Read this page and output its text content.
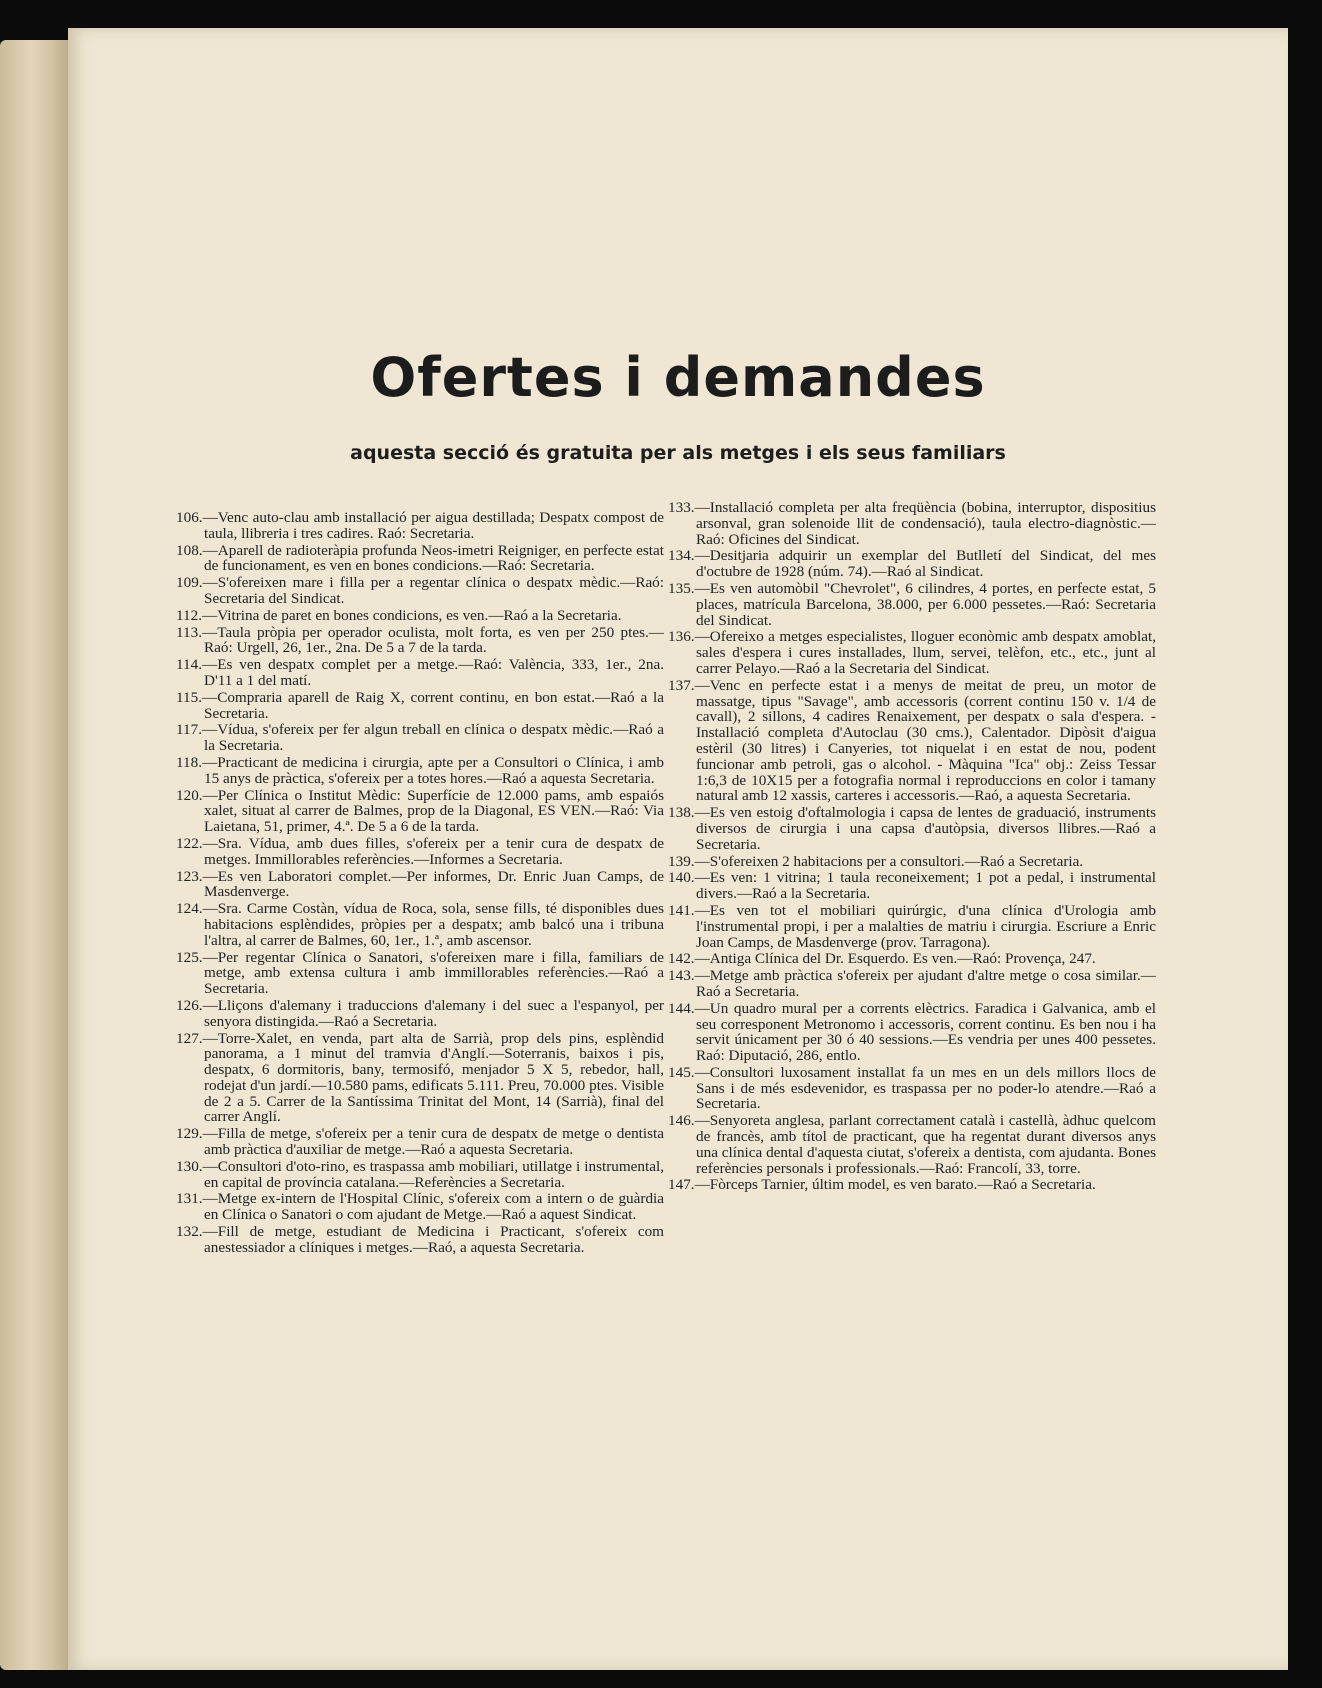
Ofertes i demandes

aquesta secció és gratuita per als metges i els seus familiars

106.—Venc auto-clau amb installació per aigua destillada; Despatx compost de taula, llibreria i tres cadires. Raó: Secretaria.

108.—Aparell de radioteràpia profunda Neos-imetri Reigniger, en perfecte estat de funcionament, es ven en bones condicions.—Raó: Secretaria.

109.—S'ofereixen mare i filla per a regentar clínica o despatx mèdic.—Raó: Secretaria del Sindicat.

112.—Vitrina de paret en bones condicions, es ven.—Raó a la Secretaria.

113.—Taula pròpia per operador oculista, molt forta, es ven per 250 ptes.—Raó: Urgell, 26, 1er., 2na. De 5 a 7 de la tarda.

114.—Es ven despatx complet per a metge.—Raó: València, 333, 1er., 2na. D'11 a 1 del matí.

115.—Compraria aparell de Raig X, corrent continu, en bon estat.—Raó a la Secretaria.

117.—Vídua, s'ofereix per fer algun treball en clínica o despatx mèdic.—Raó a la Secretaria.

118.—Practicant de medicina i cirurgia, apte per a Consultori o Clínica, i amb 15 anys de pràctica, s'ofereix per a totes hores.—Raó a aquesta Secretaria.

120.—Per Clínica o Institut Mèdic: Superfície de 12.000 pams, amb espaiós xalet, situat al carrer de Balmes, prop de la Diagonal, ES VEN.—Raó: Via Laietana, 51, primer, 4.ª. De 5 a 6 de la tarda.

122.—Sra. Vídua, amb dues filles, s'ofereix per a tenir cura de despatx de metges. Immillorables referències.—Informes a Secretaria.

123.—Es ven Laboratori complet.—Per informes, Dr. Enric Juan Camps, de Masdenverge.

124.—Sra. Carme Costàn, vídua de Roca, sola, sense fills, té disponibles dues habitacions esplèndides, pròpies per a despatx; amb balcó una i tribuna l'altra, al carrer de Balmes, 60, 1er., 1.ª, amb ascensor.

125.—Per regentar Clínica o Sanatori, s'ofereixen mare i filla, familiars de metge, amb extensa cultura i amb immillorables referències.—Raó a Secretaria.

126.—Lliçons d'alemany i traduccions d'alemany i del suec a l'espanyol, per senyora distingida.—Raó a Secretaria.

127.—Torre-Xalet, en venda, part alta de Sarrià, prop dels pins, esplèndid panorama, a 1 minut del tramvia d'Anglí.—Soterranis, baixos i pis, despatx, 6 dormitoris, bany, termosifó, menjador 5 X 5, rebedor, hall, rodejat d'un jardí.—10.580 pams, edificats 5.111. Preu, 70.000 ptes. Visible de 2 a 5. Carrer de la Santíssima Trinitat del Mont, 14 (Sarrià), final del carrer Anglí.

129.—Filla de metge, s'ofereix per a tenir cura de despatx de metge o dentista amb pràctica d'auxiliar de metge.—Raó a aquesta Secretaria.

130.—Consultori d'oto-rino, es traspassa amb mobiliari, utillatge i instrumental, en capital de província catalana.—Referències a Secretaria.

131.—Metge ex-intern de l'Hospital Clínic, s'ofereix com a intern o de guàrdia en Clínica o Sanatori o com ajudant de Metge.—Raó a aquest Sindicat.

132.—Fill de metge, estudiant de Medicina i Practicant, s'ofereix com anestessiador a clíniques i metges.—Raó, a aquesta Secretaria.

133.—Installació completa per alta freqüència (bobina, interruptor, dispositius arsonval, gran solenoide llit de condensació), taula electro-diagnòstic.—Raó: Oficines del Sindicat.

134.—Desitjaria adquirir un exemplar del Butlletí del Sindicat, del mes d'octubre de 1928 (núm. 74).—Raó al Sindicat.

135.—Es ven automòbil "Chevrolet", 6 cilindres, 4 portes, en perfecte estat, 5 places, matrícula Barcelona, 38.000, per 6.000 pessetes.—Raó: Secretaria del Sindicat.

136.—Ofereixo a metges especialistes, lloguer econòmic amb despatx amoblat, sales d'espera i cures installades, llum, servei, telèfon, etc., etc., junt al carrer Pelayo.—Raó a la Secretaria del Sindicat.

137.—Venc en perfecte estat i a menys de meitat de preu, un motor de massatge, tipus "Savage", amb accessoris (corrent continu 150 v. 1/4 de cavall), 2 sillons, 4 cadires Renaixement, per despatx o sala d'espera. - Installació completa d'Autoclau (30 cms.), Calentador. Dipòsit d'aigua estèril (30 litres) i Canyeries, tot niquelat i en estat de nou, podent funcionar amb petroli, gas o alcohol. - Màquina "Ica" obj.: Zeiss Tessar 1:6,3 de 10X15 per a fotografia normal i reproduccions en color i tamany natural amb 12 xassis, carteres i accessoris.—Raó, a aquesta Secretaria.

138.—Es ven estoig d'oftalmologia i capsa de lentes de graduació, instruments diversos de cirurgia i una capsa d'autòpsia, diversos llibres.—Raó a Secretaria.

139.—S'ofereixen 2 habitacions per a consultori.—Raó a Secretaria.

140.—Es ven: 1 vitrina; 1 taula reconeixement; 1 pot a pedal, i instrumental divers.—Raó a la Secretaria.

141.—Es ven tot el mobiliari quirúrgic, d'una clínica d'Urologia amb l'instrumental propi, i per a malalties de matriu i cirurgia. Escriure a Enric Joan Camps, de Masdenverge (prov. Tarragona).

142.—Antiga Clínica del Dr. Esquerdo. Es ven.—Raó: Provença, 247.

143.—Metge amb pràctica s'ofereix per ajudant d'altre metge o cosa similar.—Raó a Secretaria.

144.—Un quadro mural per a corrents elèctrics. Faradica i Galvanica, amb el seu corresponent Metronomo i accessoris, corrent continu. Es ben nou i ha servit únicament per 30 ó 40 sessions.—Es vendria per unes 400 pessetes. Raó: Diputació, 286, entlo.

145.—Consultori luxosament installat fa un mes en un dels millors llocs de Sans i de més esdevenidor, es traspassa per no poder-lo atendre.—Raó a Secretaria.

146.—Senyoreta anglesa, parlant correctament català i castellà, àdhuc quelcom de francès, amb títol de practicant, que ha regentat durant diversos anys una clínica dental d'aquesta ciutat, s'ofereix a dentista, com ajudanta. Bones referències personals i professionals.—Raó: Francolí, 33, torre.

147.—Fòrceps Tarnier, últim model, es ven barato.—Raó a Secretaria.
